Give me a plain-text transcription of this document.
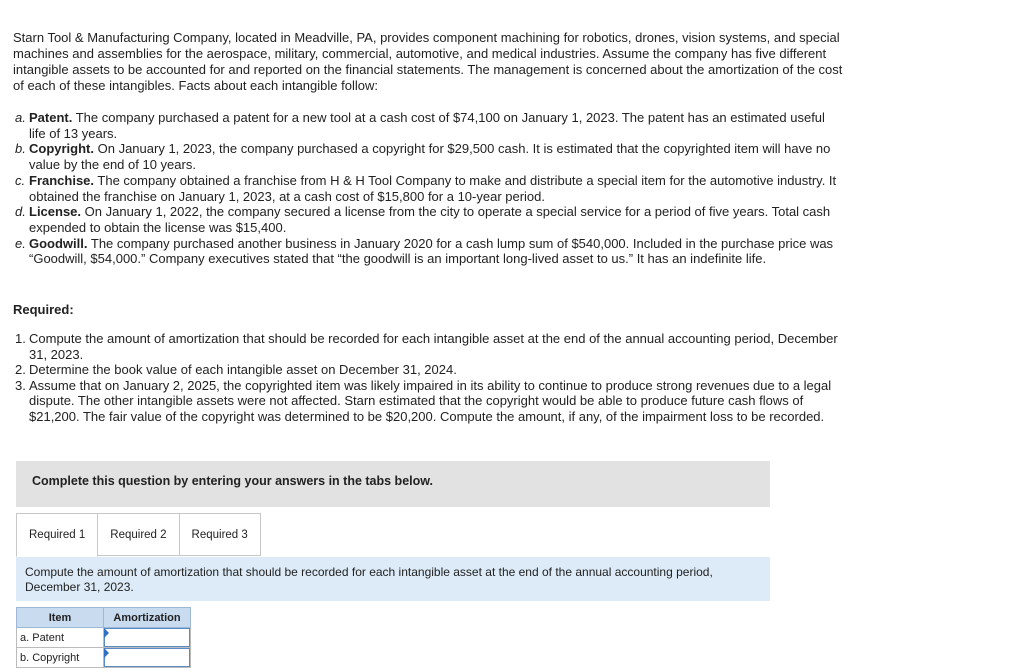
Starn Tool & Manufacturing Company, located in Meadville, PA, provides component machining for robotics, drones, vision systems, and special machines and assemblies for the aerospace, military, commercial, automotive, and medical industries. Assume the company has five different intangible assets to be accounted for and reported on the financial statements. The management is concerned about the amortization of the cost of each of these intangibles. Facts about each intangible follow:

a. Patent. The company purchased a patent for a new tool at a cash cost of $74,100 on January 1, 2023. The patent has an estimated useful life of 13 years.
b. Copyright. On January 1, 2023, the company purchased a copyright for $29,500 cash. It is estimated that the copyrighted item will have no value by the end of 10 years.
c. Franchise. The company obtained a franchise from H & H Tool Company to make and distribute a special item for the automotive industry. It obtained the franchise on January 1, 2023, at a cash cost of $15,800 for a 10-year period.
d. License. On January 1, 2022, the company secured a license from the city to operate a special service for a period of five years. Total cash expended to obtain the license was $15,400.
e. Goodwill. The company purchased another business in January 2020 for a cash lump sum of $540,000. Included in the purchase price was “Goodwill, $54,000.” Company executives stated that “the goodwill is an important long-lived asset to us.” It has an indefinite life.

Required:

1. Compute the amount of amortization that should be recorded for each intangible asset at the end of the annual accounting period, December 31, 2023.
2. Determine the book value of each intangible asset on December 31, 2024.
3. Assume that on January 2, 2025, the copyrighted item was likely impaired in its ability to continue to produce strong revenues due to a legal dispute. The other intangible assets were not affected. Starn estimated that the copyright would be able to produce future cash flows of $21,200. The fair value of the copyright was determined to be $20,200. Compute the amount, if any, of the impairment loss to be recorded.
Complete this question by entering your answers in the tabs below.
Required 1	Required 2	Required 3
Compute the amount of amortization that should be recorded for each intangible asset at the end of the annual accounting period, December 31, 2023.
Item	Amortization
a. Patent	

b. Copyright	
